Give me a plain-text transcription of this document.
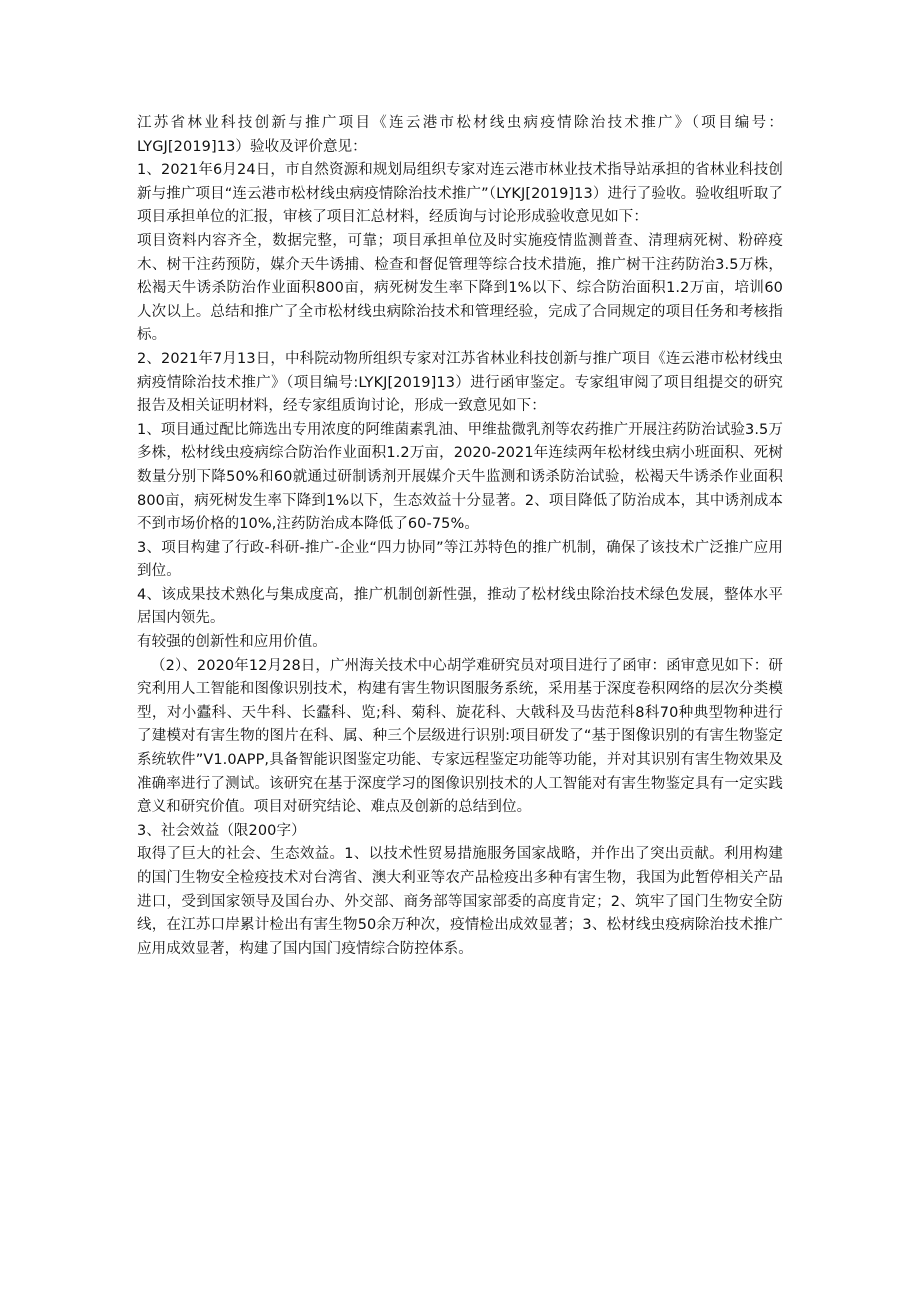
江苏省林业科技创新与推广项目《连云港市松材线虫病疫情除治技术推广》（项目编号：LYGJ[2019]13）验收及评价意见：

1、2021年6月24日，市自然资源和规划局组织专家对连云港市林业技术指导站承担的省林业科技创新与推广项目“连云港市松材线虫病疫情除治技术推广”（LYKJ[2019]13）进行了验收。验收组听取了项目承担单位的汇报，审核了项目汇总材料，经质询与讨论形成验收意见如下：

项目资料内容齐全，数据完整，可靠；项目承担单位及时实施疫情监测普查、清理病死树、粉碎疫木、树干注药预防，媒介天牛诱捕、检查和督促管理等综合技术措施，推广树干注药防治3.5万株，松褐天牛诱杀防治作业面积800亩，病死树发生率下降到1%以下、综合防治面积1.2万亩，培训60人次以上。总结和推广了全市松材线虫病除治技术和管理经验，完成了合同规定的项目任务和考核指标。

2、2021年7月13日，中科院动物所组织专家对江苏省林业科技创新与推广项目《连云港市松材线虫病疫情除治技术推广》（项目编号:LYKJ[2019]13）进行函审鉴定。专家组审阅了项目组提交的研究报告及相关证明材料，经专家组质询讨论，形成一致意见如下：

1、项目通过配比筛选出专用浓度的阿维菌素乳油、甲维盐微乳剂等农药推广开展注药防治试验3.5万多株，松材线虫疫病综合防治作业面积1.2万亩，2020-2021年连续两年松材线虫病小班面积、死树数量分别下降50%和60就通过研制诱剂开展媒介天牛监测和诱杀防治试验，松褐天牛诱杀作业面积800亩，病死树发生率下降到1%以下，生态效益十分显著。2、项目降低了防治成本，其中诱剂成本不到市场价格的10%,注药防治成本降低了60-75%。

3、项目构建了行政-科研-推广-企业“四力协同”等江苏特色的推广机制，确保了该技术广泛推广应用到位。

4、该成果技术熟化与集成度高，推广机制创新性强，推动了松材线虫除治技术绿色发展，整体水平居国内领先。

有较强的创新性和应用价值。

（2）、2020年12月28日，广州海关技术中心胡学难研究员对项目进行了函审：函审意见如下：研究利用人工智能和图像识别技术，构建有害生物识图服务系统，采用基于深度卷积网络的层次分类模型，对小蠹科、天牛科、长蠹科、览;科、菊科、旋花科、大戟科及马齿范科8科70种典型物种进行了建模对有害生物的图片在科、属、种三个层级进行识别:项目研发了“基于图像识别的有害生物鉴定系统软件”V1.0APP,具备智能识图鉴定功能、专家远程鉴定功能等功能，并对其识别有害生物效果及准确率进行了测试。该研究在基于深度学习的图像识别技术的人工智能对有害生物鉴定具有一定实践意义和研究价值。项目对研究结论、难点及创新的总结到位。

3、社会效益（限200字）

取得了巨大的社会、生态效益。1、以技术性贸易措施服务国家战略，并作出了突出贡献。利用构建的国门生物安全检疫技术对台湾省、澳大利亚等农产品检疫出多种有害生物，我国为此暂停相关产品进口，受到国家领导及国台办、外交部、商务部等国家部委的高度肯定；2、筑牢了国门生物安全防线，在江苏口岸累计检出有害生物50余万种次，疫情检出成效显著；3、松材线虫疫病除治技术推广应用成效显著，构建了国内国门疫情综合防控体系。
